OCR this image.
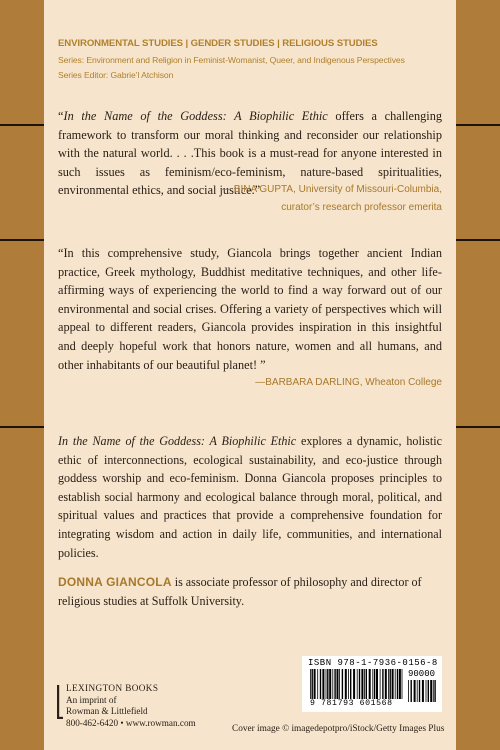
ENVIRONMENTAL STUDIES | GENDER STUDIES | RELIGIOUS STUDIES
Series: Environment and Religion in Feminist-Womanist, Queer, and Indigenous Perspectives
Series Editor: Gabrie’l Atchison
“In the Name of the Goddess: A Biophilic Ethic offers a challenging framework to transform our moral thinking and reconsider our relationship with the natural world. . . .This book is a must-read for anyone interested in such issues as feminism/eco-feminism, nature-based spiritualities, environmental ethics, and social justice.”
— BINA GUPTA, University of Missouri-Columbia,
curator’s research professor emerita
“In this comprehensive study, Giancola brings together ancient Indian practice, Greek mythology, Buddhist meditative techniques, and other life-affirming ways of experiencing the world to find a way forward out of our environmental and social crises. Offering a variety of perspectives which will appeal to different readers, Giancola provides inspiration in this insightful and deeply hopeful work that honors nature, women and all humans, and other inhabitants of our beautiful planet! ”
—BARBARA DARLING, Wheaton College
In the Name of the Goddess: A Biophilic Ethic explores a dynamic, holistic ethic of interconnections, ecological sustainability, and eco-justice through goddess worship and eco-feminism. Donna Giancola proposes principles to establish social harmony and ecological balance through moral, political, and spiritual values and practices that provide a comprehensive foundation for integrating wisdom and action in daily life, communities, and international policies.
DONNA GIANCOLA is associate professor of philosophy and director of religious studies at Suffolk University.
LEXINGTON BOOKS
An imprint of
Rowman & Littlefield
800-462-6420 • www.rowman.com
ISBN 978-1-7936-0156-8
90000
9 781793 601568
Cover image © imagedepotpro/iStock/Getty Images Plus
